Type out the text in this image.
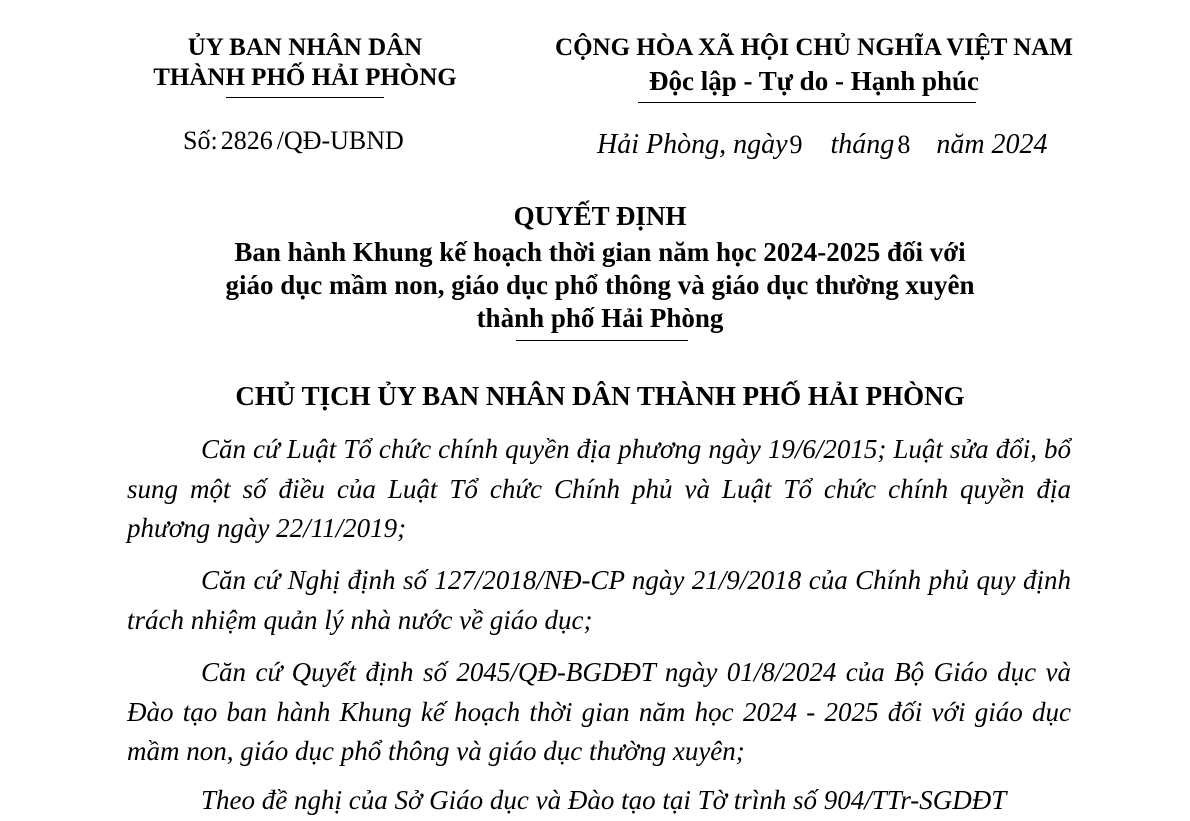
ỦY BAN NHÂN DÂN
THÀNH PHỐ HẢI PHÒNG
CỘNG HÒA XÃ HỘI CHỦ NGHĨA VIỆT NAM
Độc lập - Tự do - Hạnh phúc
Số: 2826 /QĐ-UBND	Hải Phòng, ngày9 tháng 8 năm 2024
QUYẾT ĐỊNH
Ban hành Khung kế hoạch thời gian năm học 2024-2025 đối với
giáo dục mầm non, giáo dục phổ thông và giáo dục thường xuyên
thành phố Hải Phòng
CHỦ TỊCH ỦY BAN NHÂN DÂN THÀNH PHỐ HẢI PHÒNG
Căn cứ Luật Tổ chức chính quyền địa phương ngày 19/6/2015; Luật sửa đổi, bổ sung một số điều của Luật Tổ chức Chính phủ và Luật Tổ chức chính quyền địa phương ngày 22/11/2019;
Căn cứ Nghị định số 127/2018/NĐ-CP ngày 21/9/2018 của Chính phủ quy định trách nhiệm quản lý nhà nước về giáo dục;
Căn cứ Quyết định số 2045/QĐ-BGDĐT ngày 01/8/2024 của Bộ Giáo dục và Đào tạo ban hành Khung kế hoạch thời gian năm học 2024 - 2025 đối với giáo dục mầm non, giáo dục phổ thông và giáo dục thường xuyên;
Theo đề nghị của Sở Giáo dục và Đào tạo tại Tờ trình số 904/TTr-SGDĐT
